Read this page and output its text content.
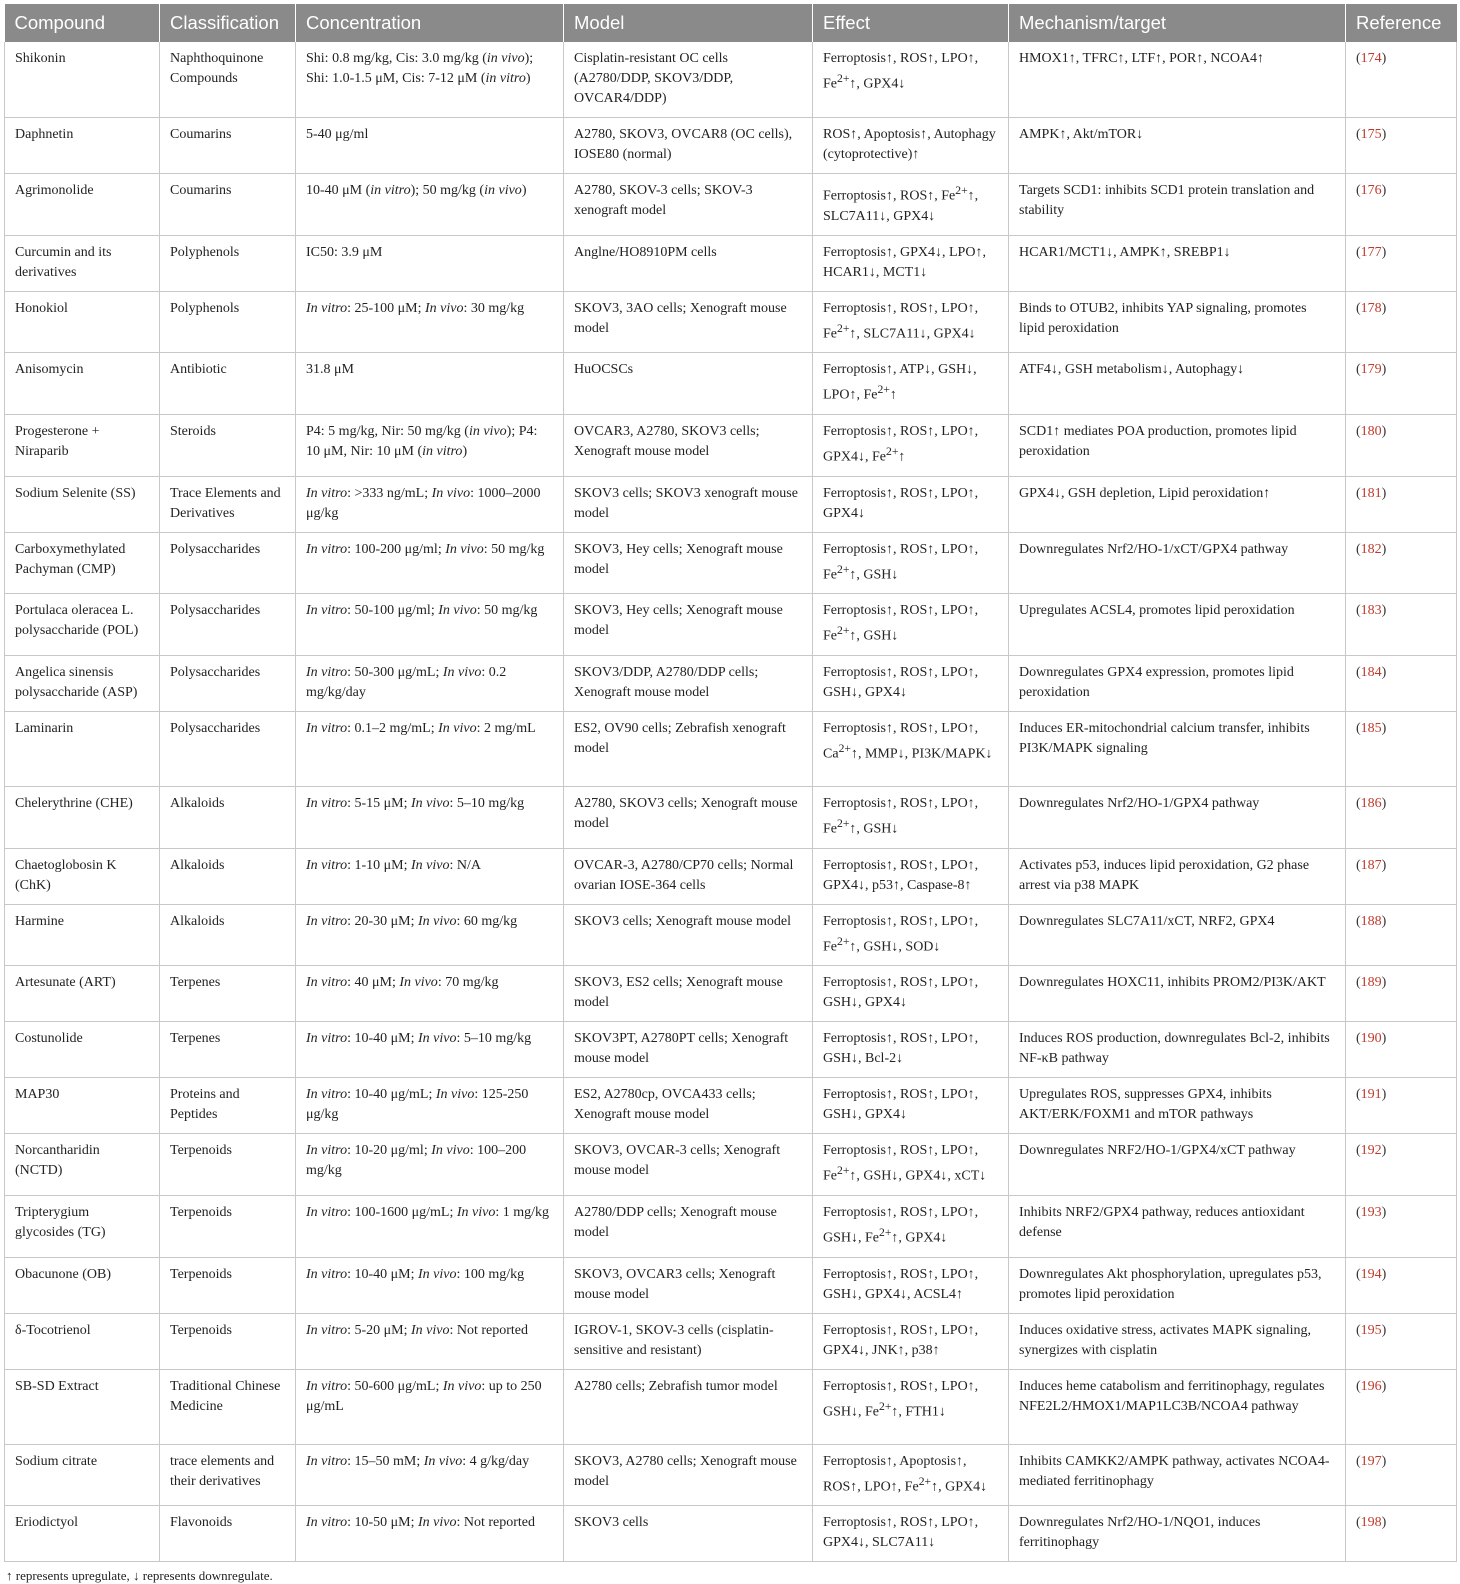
Compound	Classification	Concentration	Model	Effect	Mechanism/target	Reference
Shikonin	Naphthoquinone Compounds	Shi: 0.8 mg/kg, Cis: 3.0 mg/kg (in vivo); Shi: 1.0-1.5 μM, Cis: 7-12 μM (in vitro)	Cisplatin-resistant OC cells (A2780/DDP, SKOV3/DDP, OVCAR4/DDP)	Ferroptosis↑, ROS↑, LPO↑, $Fe^{2+}↑$, GPX4↓	HMOX1↑, TFRC↑, LTF↑, POR↑, NCOA4↑	(174)
Daphnetin	Coumarins	5-40 μg/ml	A2780, SKOV3, OVCAR8 (OC cells), IOSE80 (normal)	ROS↑, Apoptosis↑, Autophagy (cytoprotective)↑	AMPK↑, Akt/mTOR↓	(175)
Agrimonolide	Coumarins	10-40 μM (in vitro); 50 mg/kg (in vivo)	A2780, SKOV-3 cells; SKOV-3 xenograft model	Ferroptosis↑, ROS↑, $Fe^{2+}↑$, SLC7A11↓, GPX4↓	Targets SCD1: inhibits SCD1 protein translation and stability	(176)
Curcumin and its derivatives	Polyphenols	IC50: 3.9 μM	Anglne/HO8910PM cells	Ferroptosis↑, GPX4↓, LPO↑, HCAR1↓, MCT1↓	HCAR1/MCT1↓, AMPK↑, SREBP1↓	(177)
Honokiol	Polyphenols	In vitro: 25-100 μM; In vivo: 30 mg/kg	SKOV3, 3AO cells; Xenograft mouse model	Ferroptosis↑, ROS↑, LPO↑, $Fe^{2+}↑$, SLC7A11↓, GPX4↓	Binds to OTUB2, inhibits YAP signaling, promotes lipid peroxidation	(178)
Anisomycin	Antibiotic	31.8 μM	HuOCSCs	Ferroptosis↑, ATP↓, GSH↓, LPO↑, $Fe^{2+}↑$	ATF4↓, GSH metabolism↓, Autophagy↓	(179)
Progesterone + Niraparib	Steroids	P4: 5 mg/kg, Nir: 50 mg/kg (in vivo); P4: 10 μM, Nir: 10 μM (in vitro)	OVCAR3, A2780, SKOV3 cells; Xenograft mouse model	Ferroptosis↑, ROS↑, LPO↑, GPX4↓, $Fe^{2+}↑$	SCD1↑ mediates POA production, promotes lipid peroxidation	(180)
Sodium Selenite (SS)	Trace Elements and Derivatives	In vitro: >333 ng/mL; In vivo: 1000–2000 μg/kg	SKOV3 cells; SKOV3 xenograft mouse model	Ferroptosis↑, ROS↑, LPO↑, GPX4↓	GPX4↓, GSH depletion, Lipid peroxidation↑	(181)
Carboxymethylated Pachyman (CMP)	Polysaccharides	In vitro: 100-200 μg/ml; In vivo: 50 mg/kg	SKOV3, Hey cells; Xenograft mouse model	Ferroptosis↑, ROS↑, LPO↑, $Fe^{2+}↑$, GSH↓	Downregulates Nrf2/HO-1/xCT/GPX4 pathway	(182)
Portulaca oleracea L. polysaccharide (POL)	Polysaccharides	In vitro: 50-100 μg/ml; In vivo: 50 mg/kg	SKOV3, Hey cells; Xenograft mouse model	Ferroptosis↑, ROS↑, LPO↑, $Fe^{2+}↑$, GSH↓	Upregulates ACSL4, promotes lipid peroxidation	(183)
Angelica sinensis polysaccharide (ASP)	Polysaccharides	In vitro: 50-300 μg/mL; In vivo: 0.2 mg/kg/day	SKOV3/DDP, A2780/DDP cells; Xenograft mouse model	Ferroptosis↑, ROS↑, LPO↑, GSH↓, GPX4↓	Downregulates GPX4 expression, promotes lipid peroxidation	(184)
Laminarin	Polysaccharides	In vitro: 0.1–2 mg/mL; In vivo: 2 mg/mL	ES2, OV90 cells; Zebrafish xenograft model	Ferroptosis↑, ROS↑, LPO↑, $Ca^{2+}↑$, MMP↓, PI3K/MAPK↓	Induces ER-mitochondrial calcium transfer, inhibits PI3K/MAPK signaling	(185)
Chelerythrine (CHE)	Alkaloids	In vitro: 5-15 μM; In vivo: 5–10 mg/kg	A2780, SKOV3 cells; Xenograft mouse model	Ferroptosis↑, ROS↑, LPO↑, $Fe^{2+}↑$, GSH↓	Downregulates Nrf2/HO-1/GPX4 pathway	(186)
Chaetoglobosin K (ChK)	Alkaloids	In vitro: 1-10 μM; In vivo: N/A	OVCAR-3, A2780/CP70 cells; Normal ovarian IOSE-364 cells	Ferroptosis↑, ROS↑, LPO↑, GPX4↓, p53↑, Caspase-8↑	Activates p53, induces lipid peroxidation, G2 phase arrest via p38 MAPK	(187)
Harmine	Alkaloids	In vitro: 20-30 μM; In vivo: 60 mg/kg	SKOV3 cells; Xenograft mouse model	Ferroptosis↑, ROS↑, LPO↑, $Fe^{2+}↑$, GSH↓, SOD↓	Downregulates SLC7A11/xCT, NRF2, GPX4	(188)
Artesunate (ART)	Terpenes	In vitro: 40 μM; In vivo: 70 mg/kg	SKOV3, ES2 cells; Xenograft mouse model	Ferroptosis↑, ROS↑, LPO↑, GSH↓, GPX4↓	Downregulates HOXC11, inhibits PROM2/PI3K/AKT	(189)
Costunolide	Terpenes	In vitro: 10-40 μM; In vivo: 5–10 mg/kg	SKOV3PT, A2780PT cells; Xenograft mouse model	Ferroptosis↑, ROS↑, LPO↑, GSH↓, Bcl-2↓	Induces ROS production, downregulates Bcl-2, inhibits NF-κB pathway	(190)
MAP30	Proteins and Peptides	In vitro: 10-40 μg/mL; In vivo: 125-250 μg/kg	ES2, A2780cp, OVCA433 cells; Xenograft mouse model	Ferroptosis↑, ROS↑, LPO↑, GSH↓, GPX4↓	Upregulates ROS, suppresses GPX4, inhibits AKT/ERK/FOXM1 and mTOR pathways	(191)
Norcantharidin (NCTD)	Terpenoids	In vitro: 10-20 μg/ml; In vivo: 100–200 mg/kg	SKOV3, OVCAR-3 cells; Xenograft mouse model	Ferroptosis↑, ROS↑, LPO↑, $Fe^{2+}↑$, GSH↓, GPX4↓, xCT↓	Downregulates NRF2/HO-1/GPX4/xCT pathway	(192)
Tripterygium glycosides (TG)	Terpenoids	In vitro: 100-1600 μg/mL; In vivo: 1 mg/kg	A2780/DDP cells; Xenograft mouse model	Ferroptosis↑, ROS↑, LPO↑, GSH↓, $Fe^{2+}↑$, GPX4↓	Inhibits NRF2/GPX4 pathway, reduces antioxidant defense	(193)
Obacunone (OB)	Terpenoids	In vitro: 10-40 μM; In vivo: 100 mg/kg	SKOV3, OVCAR3 cells; Xenograft mouse model	Ferroptosis↑, ROS↑, LPO↑, GSH↓, GPX4↓, ACSL4↑	Downregulates Akt phosphorylation, upregulates p53, promotes lipid peroxidation	(194)
δ-Tocotrienol	Terpenoids	In vitro: 5-20 μM; In vivo: Not reported	IGROV-1, SKOV-3 cells (cisplatin-sensitive and resistant)	Ferroptosis↑, ROS↑, LPO↑, GPX4↓, JNK↑, p38↑	Induces oxidative stress, activates MAPK signaling, synergizes with cisplatin	(195)
SB-SD Extract	Traditional Chinese Medicine	In vitro: 50-600 μg/mL; In vivo: up to 250 μg/mL	A2780 cells; Zebrafish tumor model	Ferroptosis↑, ROS↑, LPO↑, GSH↓, $Fe^{2+}↑$, FTH1↓	Induces heme catabolism and ferritinophagy, regulates NFE2L2/HMOX1/MAP1LC3B/NCOA4 pathway	(196)
Sodium citrate	trace elements and their derivatives	In vitro: 15–50 mM; In vivo: 4 g/kg/day	SKOV3, A2780 cells; Xenograft mouse model	Ferroptosis↑, Apoptosis↑, ROS↑, LPO↑, $Fe^{2+}↑$, GPX4↓	Inhibits CAMKK2/AMPK pathway, activates NCOA4-mediated ferritinophagy	(197)
Eriodictyol	Flavonoids	In vitro: 10-50 μM; In vivo: Not reported	SKOV3 cells	Ferroptosis↑, ROS↑, LPO↑, GPX4↓, SLC7A11↓	Downregulates Nrf2/HO-1/NQO1, induces ferritinophagy	(198)
↑ represents upregulate, ↓ represents downregulate.
